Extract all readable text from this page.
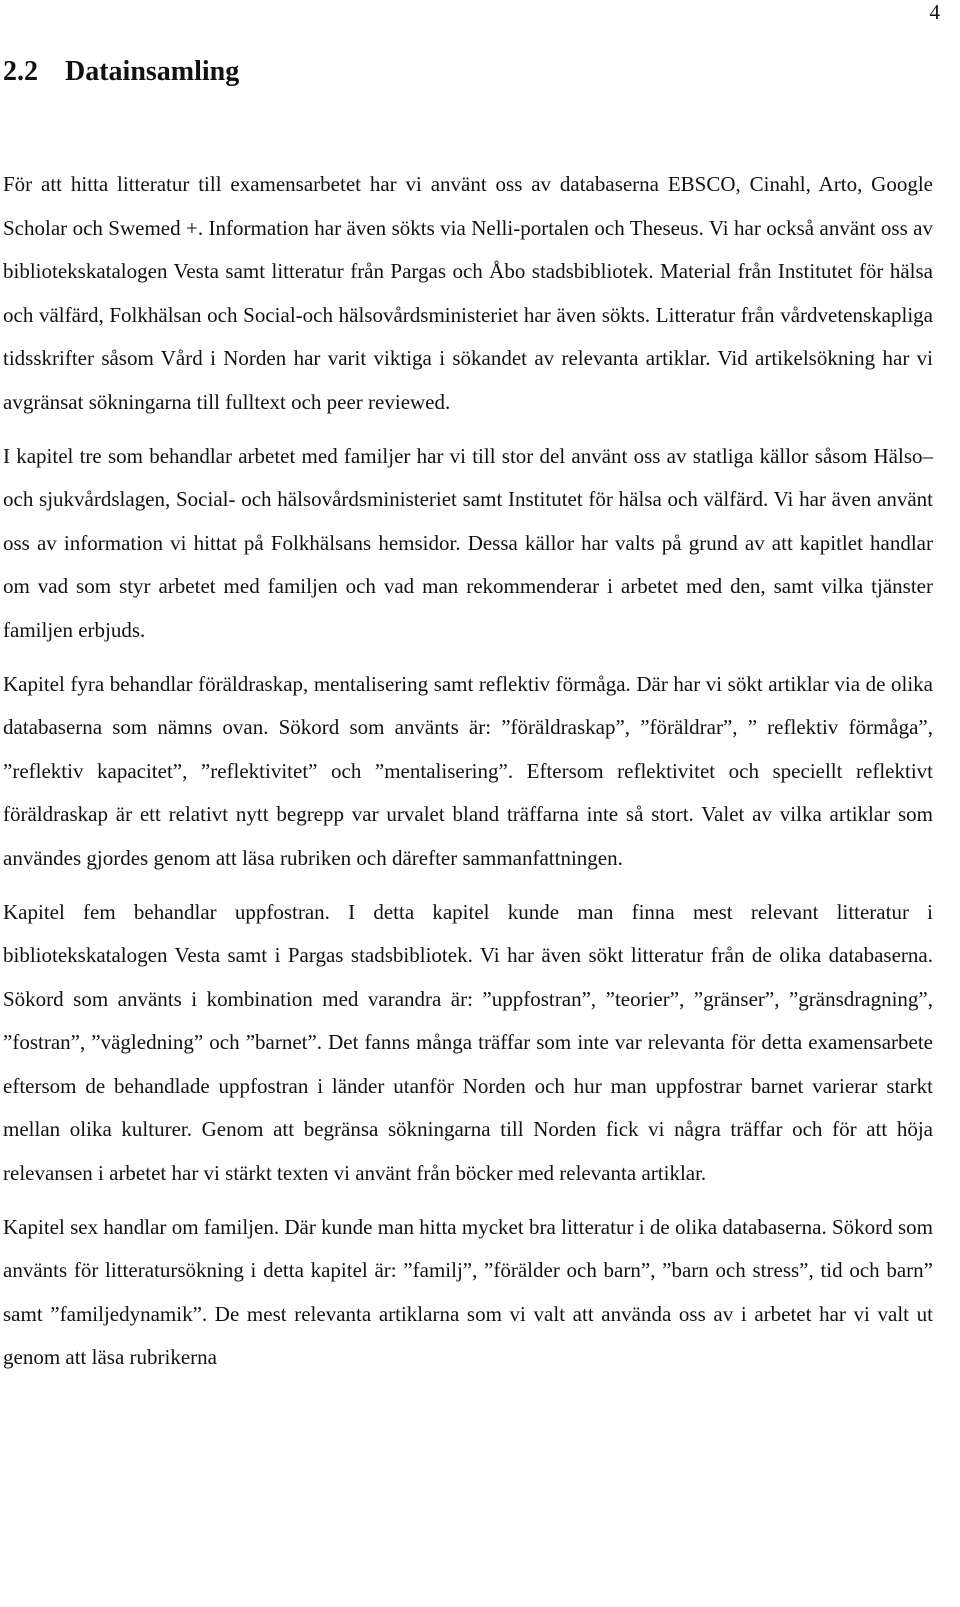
4
2.2 Datainsamling

För att hitta litteratur till examensarbetet har vi använt oss av databaserna EBSCO, Cinahl, Arto, Google Scholar och Swemed +. Information har även sökts via Nelli-portalen och Theseus. Vi har också använt oss av bibliotekskatalogen Vesta samt litteratur från Pargas och Åbo stadsbibliotek. Material från Institutet för hälsa och välfärd, Folkhälsan och Social-och hälsovårdsministeriet har även sökts. Litteratur från vårdvetenskapliga tidsskrifter såsom Vård i Norden har varit viktiga i sökandet av relevanta artiklar. Vid artikelsökning har vi avgränsat sökningarna till fulltext och peer reviewed.

I kapitel tre som behandlar arbetet med familjer har vi till stor del använt oss av statliga källor såsom Hälso– och sjukvårdslagen, Social- och hälsovårdsministeriet samt Institutet för hälsa och välfärd. Vi har även använt oss av information vi hittat på Folkhälsans hemsidor. Dessa källor har valts på grund av att kapitlet handlar om vad som styr arbetet med familjen och vad man rekommenderar i arbetet med den, samt vilka tjänster familjen erbjuds.

Kapitel fyra behandlar föräldraskap, mentalisering samt reflektiv förmåga. Där har vi sökt artiklar via de olika databaserna som nämns ovan. Sökord som använts är: ”föräldraskap”, ”föräldrar”, ” reflektiv förmåga”, ”reflektiv kapacitet”, ”reflektivitet” och ”mentalisering”. Eftersom reflektivitet och speciellt reflektivt föräldraskap är ett relativt nytt begrepp var urvalet bland träffarna inte så stort. Valet av vilka artiklar som användes gjordes genom att läsa rubriken och därefter sammanfattningen.

Kapitel fem behandlar uppfostran. I detta kapitel kunde man finna mest relevant litteratur i bibliotekskatalogen Vesta samt i Pargas stadsbibliotek. Vi har även sökt litteratur från de olika databaserna. Sökord som använts i kombination med varandra är: ”uppfostran”, ”teorier”, ”gränser”, ”gränsdragning”, ”fostran”, ”vägledning” och ”barnet”. Det fanns många träffar som inte var relevanta för detta examensarbete eftersom de behandlade uppfostran i länder utanför Norden och hur man uppfostrar barnet varierar starkt mellan olika kulturer. Genom att begränsa sökningarna till Norden fick vi några träffar och för att höja relevansen i arbetet har vi stärkt texten vi använt från böcker med relevanta artiklar.

Kapitel sex handlar om familjen. Där kunde man hitta mycket bra litteratur i de olika databaserna. Sökord som använts för litteratursökning i detta kapitel är: ”familj”, ”förälder och barn”, ”barn och stress”, tid och barn” samt ”familjedynamik”. De mest relevanta artiklarna som vi valt att använda oss av i arbetet har vi valt ut genom att läsa rubrikerna
